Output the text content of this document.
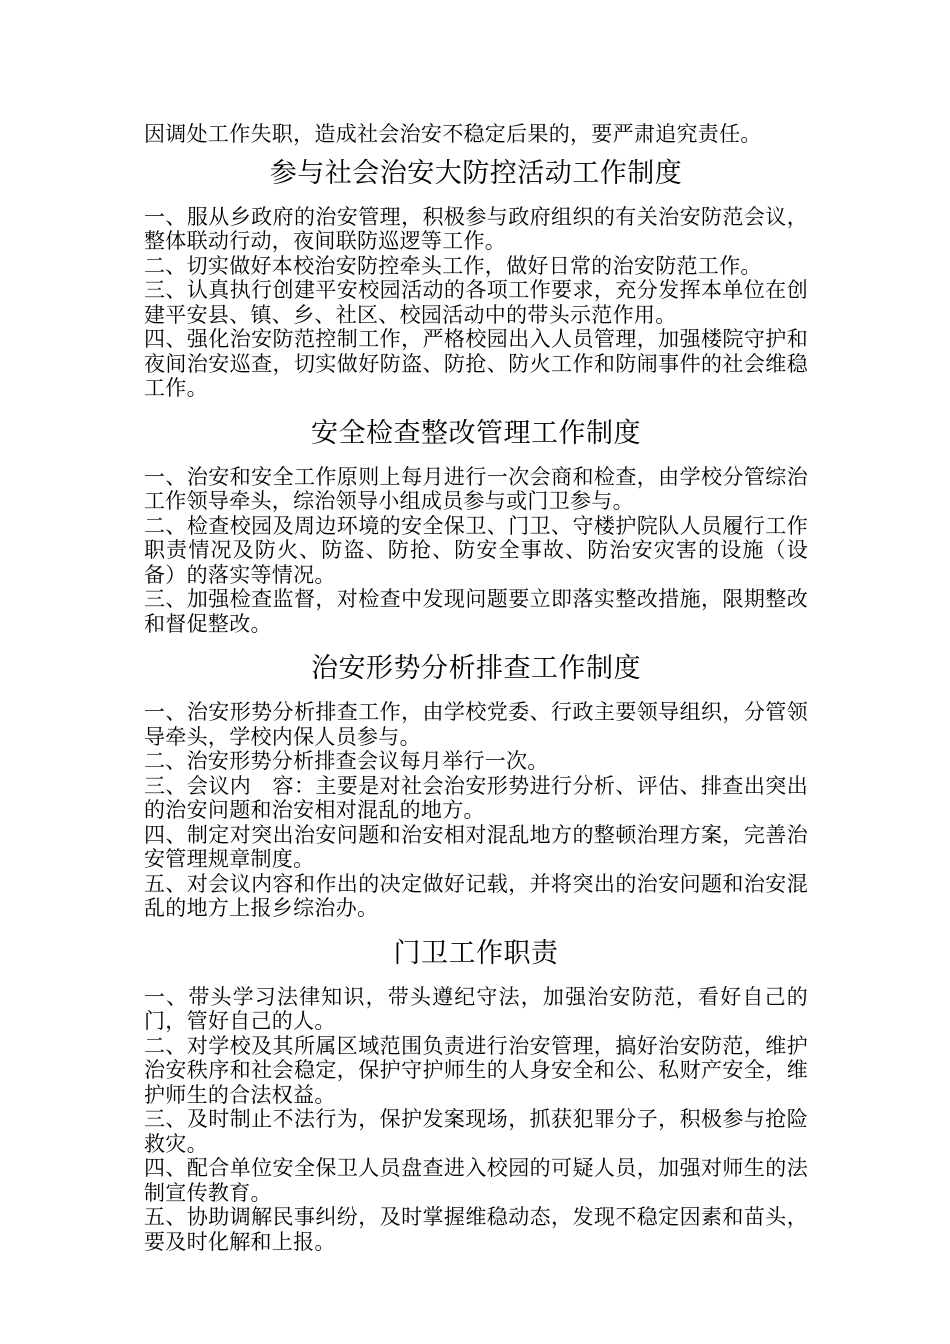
因调处工作失职，造成社会治安不稳定后果的，要严肃追究责任。

参与社会治安大防控活动工作制度

一、服从乡政府的治安管理，积极参与政府组织的有关治安防范会议，整体联动行动，夜间联防巡逻等工作。

二、切实做好本校治安防控牵头工作，做好日常的治安防范工作。

三、认真执行创建平安校园活动的各项工作要求，充分发挥本单位在创建平安县、镇、乡、社区、校园活动中的带头示范作用。

四、强化治安防范控制工作，严格校园出入人员管理，加强楼院守护和夜间治安巡查，切实做好防盗、防抢、防火工作和防闹事件的社会维稳工作。

安全检查整改管理工作制度

一、治安和安全工作原则上每月进行一次会商和检查，由学校分管综治工作领导牵头，综治领导小组成员参与或门卫参与。

二、检查校园及周边环境的安全保卫、门卫、守楼护院队人员履行工作职责情况及防火、防盗、防抢、防安全事故、防治安灾害的设施（设备）的落实等情况。

三、加强检查监督，对检查中发现问题要立即落实整改措施，限期整改和督促整改。

治安形势分析排查工作制度

一、治安形势分析排查工作，由学校党委、行政主要领导组织，分管领导牵头，学校内保人员参与。

二、治安形势分析排查会议每月举行一次。

三、会议内　容：主要是对社会治安形势进行分析、评估、排查出突出的治安问题和治安相对混乱的地方。

四、制定对突出治安问题和治安相对混乱地方的整顿治理方案，完善治安管理规章制度。

五、对会议内容和作出的决定做好记载，并将突出的治安问题和治安混乱的地方上报乡综治办。

门卫工作职责

一、带头学习法律知识，带头遵纪守法，加强治安防范，看好自己的门，管好自己的人。

二、对学校及其所属区域范围负责进行治安管理，搞好治安防范，维护治安秩序和社会稳定，保护守护师生的人身安全和公、私财产安全，维护师生的合法权益。

三、及时制止不法行为，保护发案现场，抓获犯罪分子，积极参与抢险救灾。

四、配合单位安全保卫人员盘查进入校园的可疑人员，加强对师生的法制宣传教育。

五、协助调解民事纠纷，及时掌握维稳动态，发现不稳定因素和苗头，要及时化解和上报。
